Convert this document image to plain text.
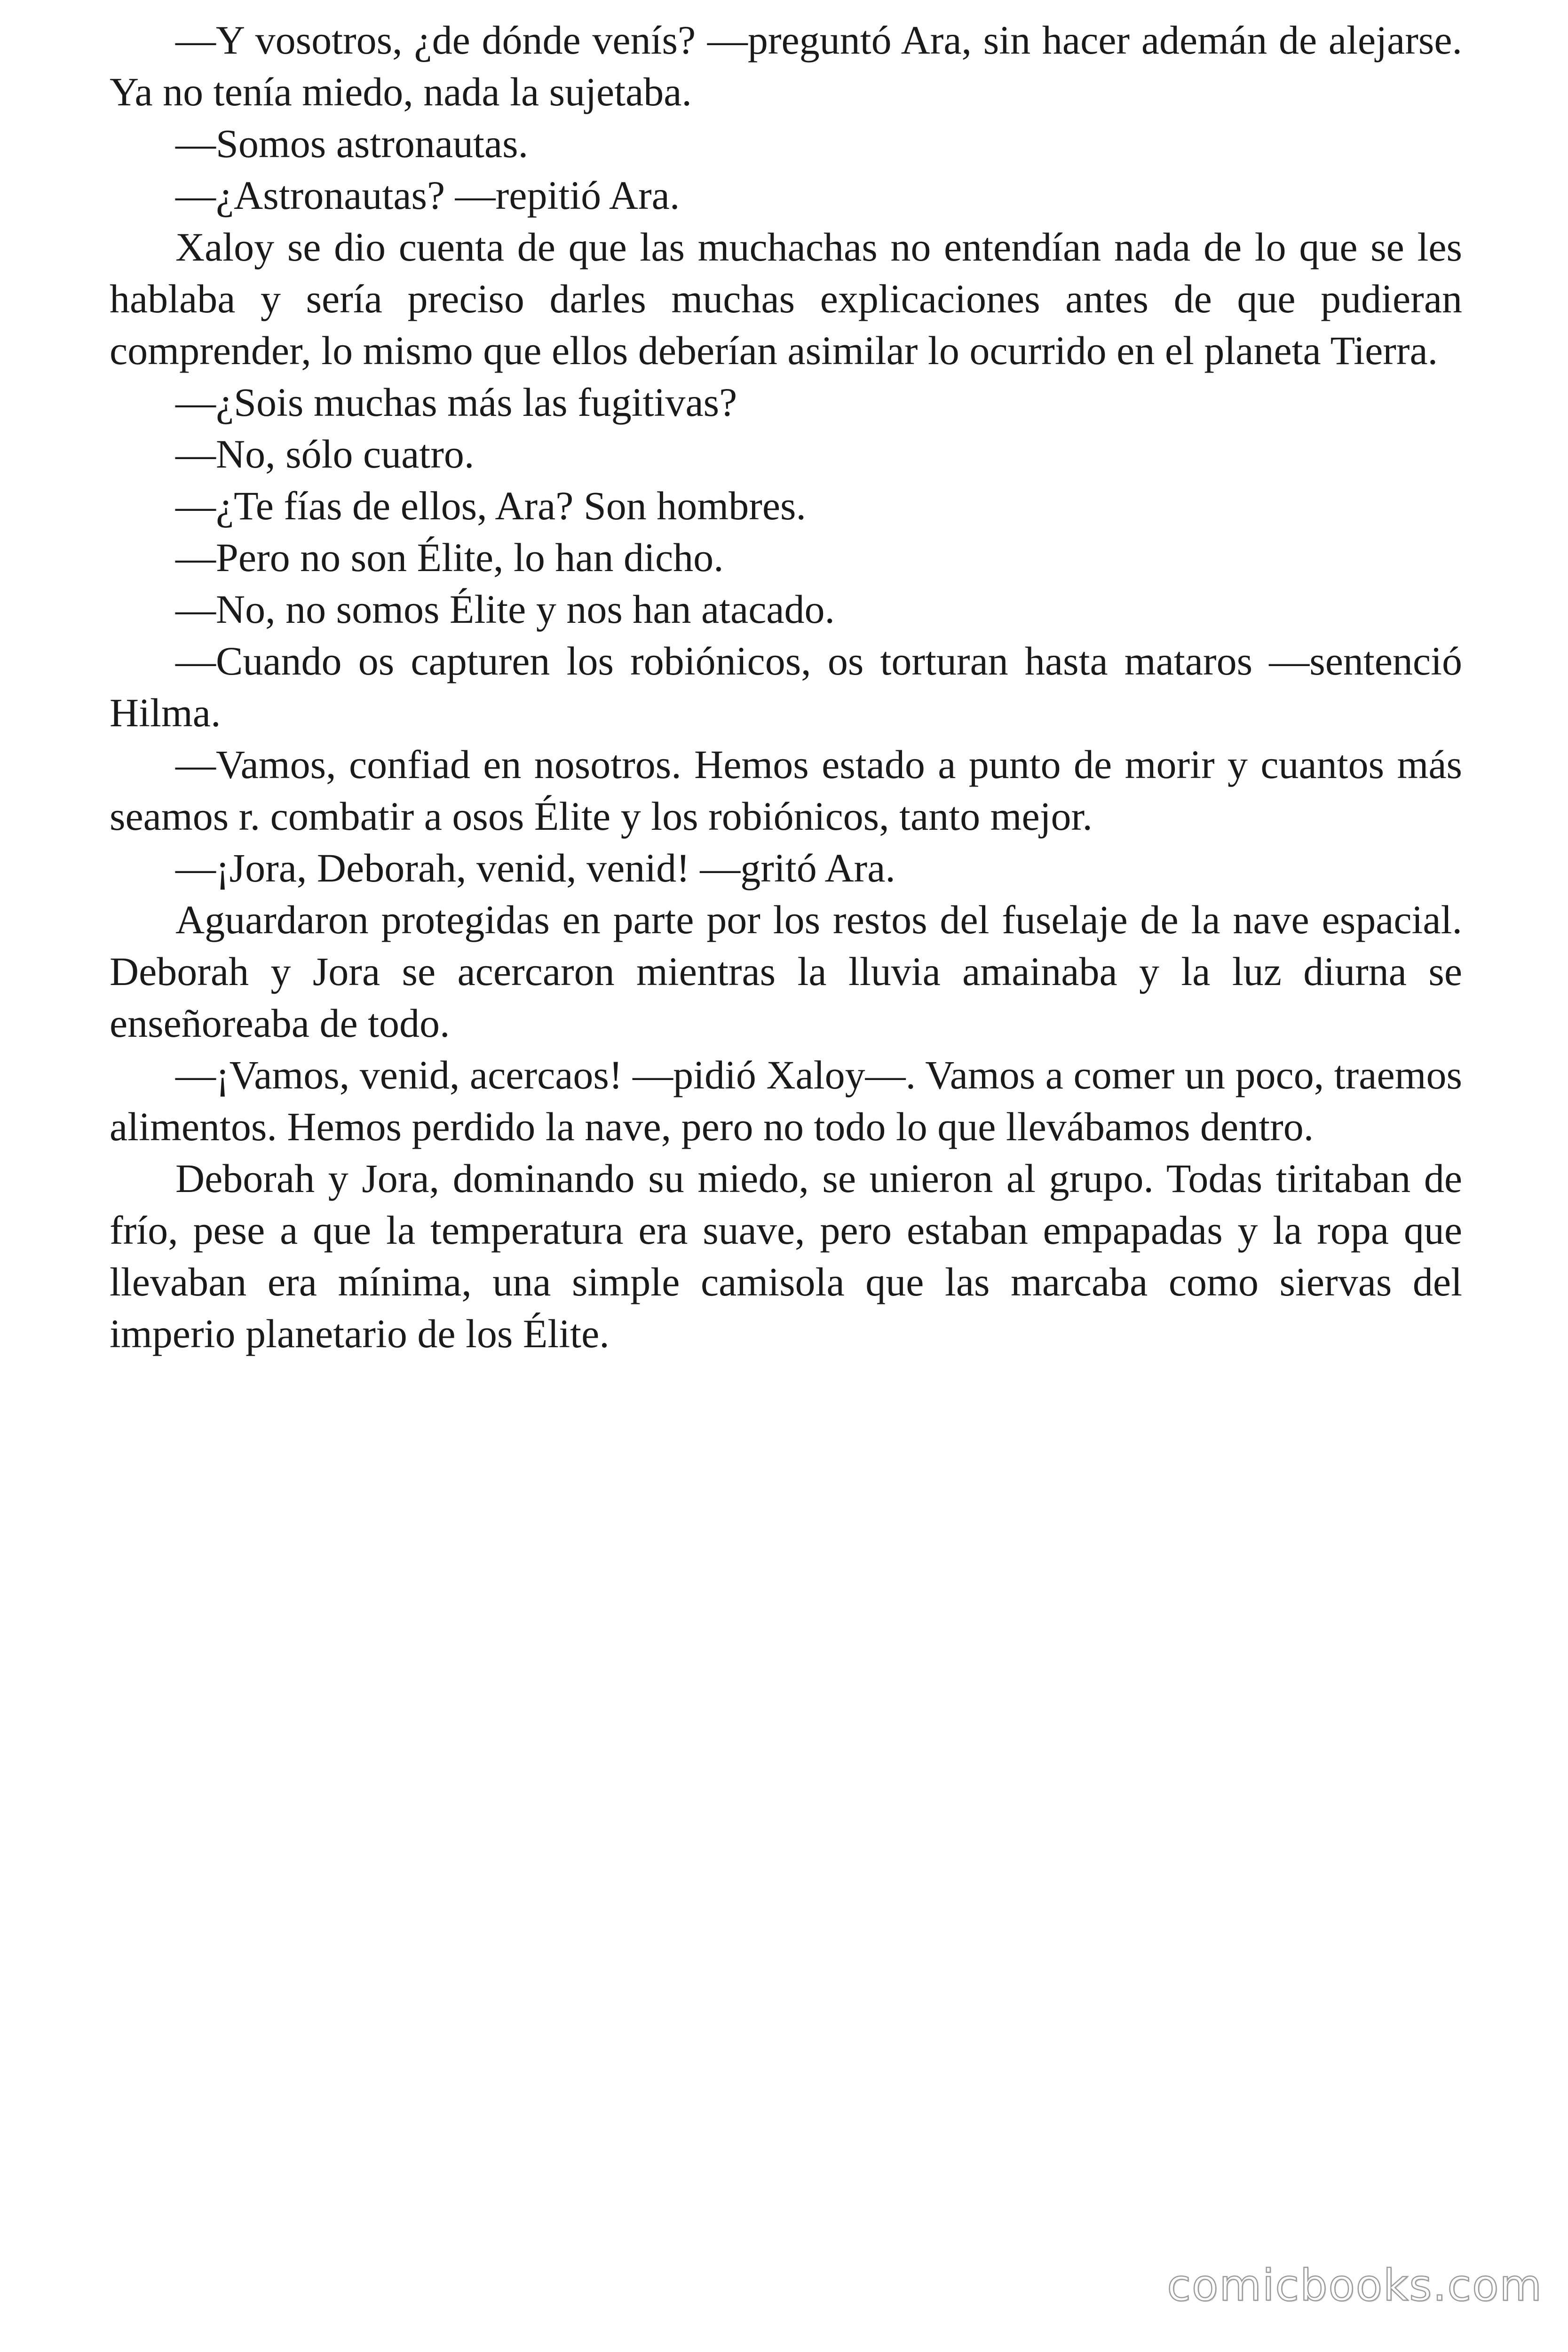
—Y vosotros, ¿de dónde venís? —preguntó Ara, sin hacer ademán de alejarse. Ya no tenía miedo, nada la sujetaba.

—Somos astronautas.

—¿Astronautas? —repitió Ara.

Xaloy se dio cuenta de que las muchachas no entendían nada de lo que se les hablaba y sería preciso darles muchas explicaciones antes de que pudieran comprender, lo mismo que ellos deberían asimilar lo ocurrido en el planeta Tierra.

—¿Sois muchas más las fugitivas?

—No, sólo cuatro.

—¿Te fías de ellos, Ara? Son hombres.

—Pero no son Élite, lo han dicho.

—No, no somos Élite y nos han atacado.

—Cuando os capturen los robiónicos, os torturan hasta mataros —sentenció Hilma.

—Vamos, confiad en nosotros. Hemos estado a punto de morir y cuantos más seamos r. combatir a osos Élite y los robiónicos, tanto mejor.

—¡Jora, Deborah, venid, venid! —gritó Ara.

Aguardaron protegidas en parte por los restos del fuselaje de la nave espacial. Deborah y Jora se acercaron mientras la lluvia amainaba y la luz diurna se enseñoreaba de todo.

—¡Vamos, venid, acercaos! —pidió Xaloy—. Vamos a comer un poco, traemos alimentos. Hemos perdido la nave, pero no todo lo que llevábamos dentro.

Deborah y Jora, dominando su miedo, se unieron al grupo. Todas tiritaban de frío, pese a que la temperatura era suave, pero estaban empapadas y la ropa que llevaban era mínima, una simple camisola que las marcaba como siervas del imperio planetario de los Élite.

comicbooks.com
